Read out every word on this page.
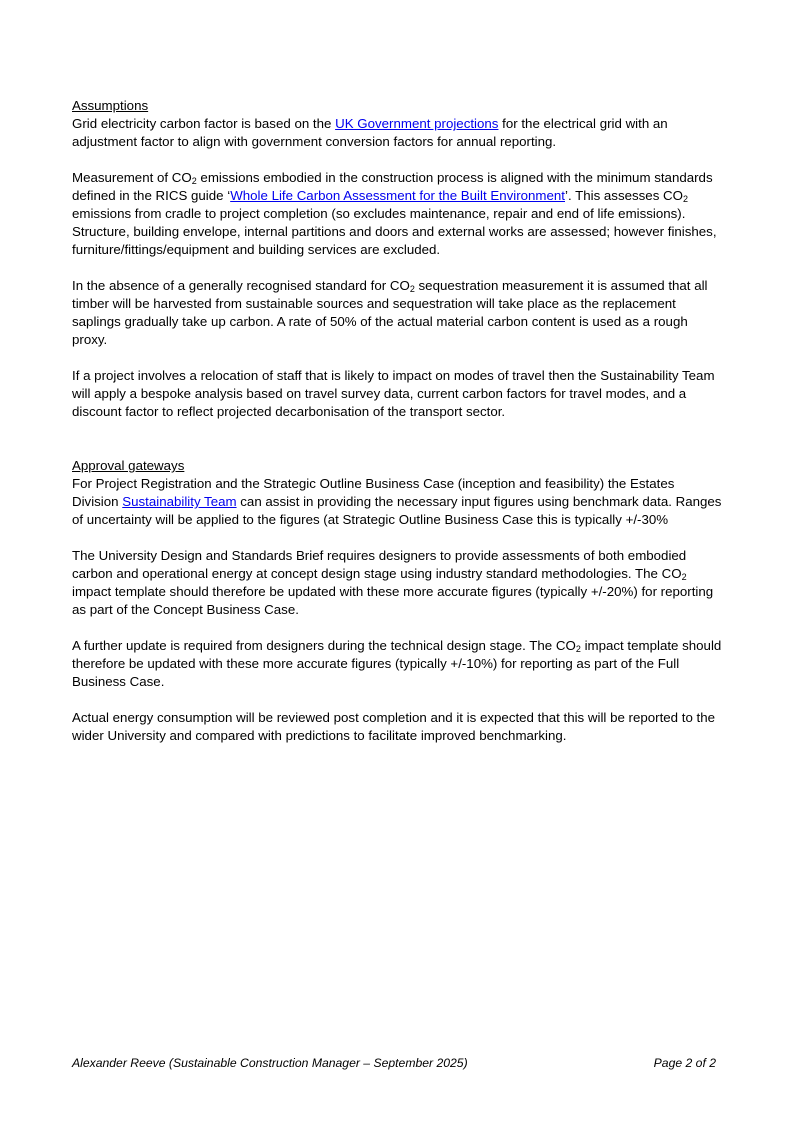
Assumptions

Grid electricity carbon factor is based on the UK Government projections for the electrical grid with an adjustment factor to align with government conversion factors for annual reporting.

Measurement of $CO_2$ emissions embodied in the construction process is aligned with the minimum standards defined in the RICS guide ‘Whole Life Carbon Assessment for the Built Environment’. This assesses $CO_2$ emissions from cradle to project completion (so excludes maintenance, repair and end of life emissions). Structure, building envelope, internal partitions and doors and external works are assessed; however finishes, furniture/fittings/equipment and building services are excluded.

In the absence of a generally recognised standard for $CO_2$ sequestration measurement it is assumed that all timber will be harvested from sustainable sources and sequestration will take place as the replacement saplings gradually take up carbon. A rate of 50% of the actual material carbon content is used as a rough proxy.

If a project involves a relocation of staff that is likely to impact on modes of travel then the Sustainability Team will apply a bespoke analysis based on travel survey data, current carbon factors for travel modes, and a discount factor to reflect projected decarbonisation of the transport sector.

Approval gateways

For Project Registration and the Strategic Outline Business Case (inception and feasibility) the Estates Division Sustainability Team can assist in providing the necessary input figures using benchmark data. Ranges of uncertainty will be applied to the figures (at Strategic Outline Business Case this is typically +/-30%

The University Design and Standards Brief requires designers to provide assessments of both embodied carbon and operational energy at concept design stage using industry standard methodologies. The $CO_2$ impact template should therefore be updated with these more accurate figures (typically +/-20%) for reporting as part of the Concept Business Case.

A further update is required from designers during the technical design stage. The $CO_2$ impact template should therefore be updated with these more accurate figures (typically +/-10%) for reporting as part of the Full Business Case.

Actual energy consumption will be reviewed post completion and it is expected that this will be reported to the wider University and compared with predictions to facilitate improved benchmarking.

Alexander Reeve (Sustainable Construction Manager – September 2025)	Page 2 of 2
